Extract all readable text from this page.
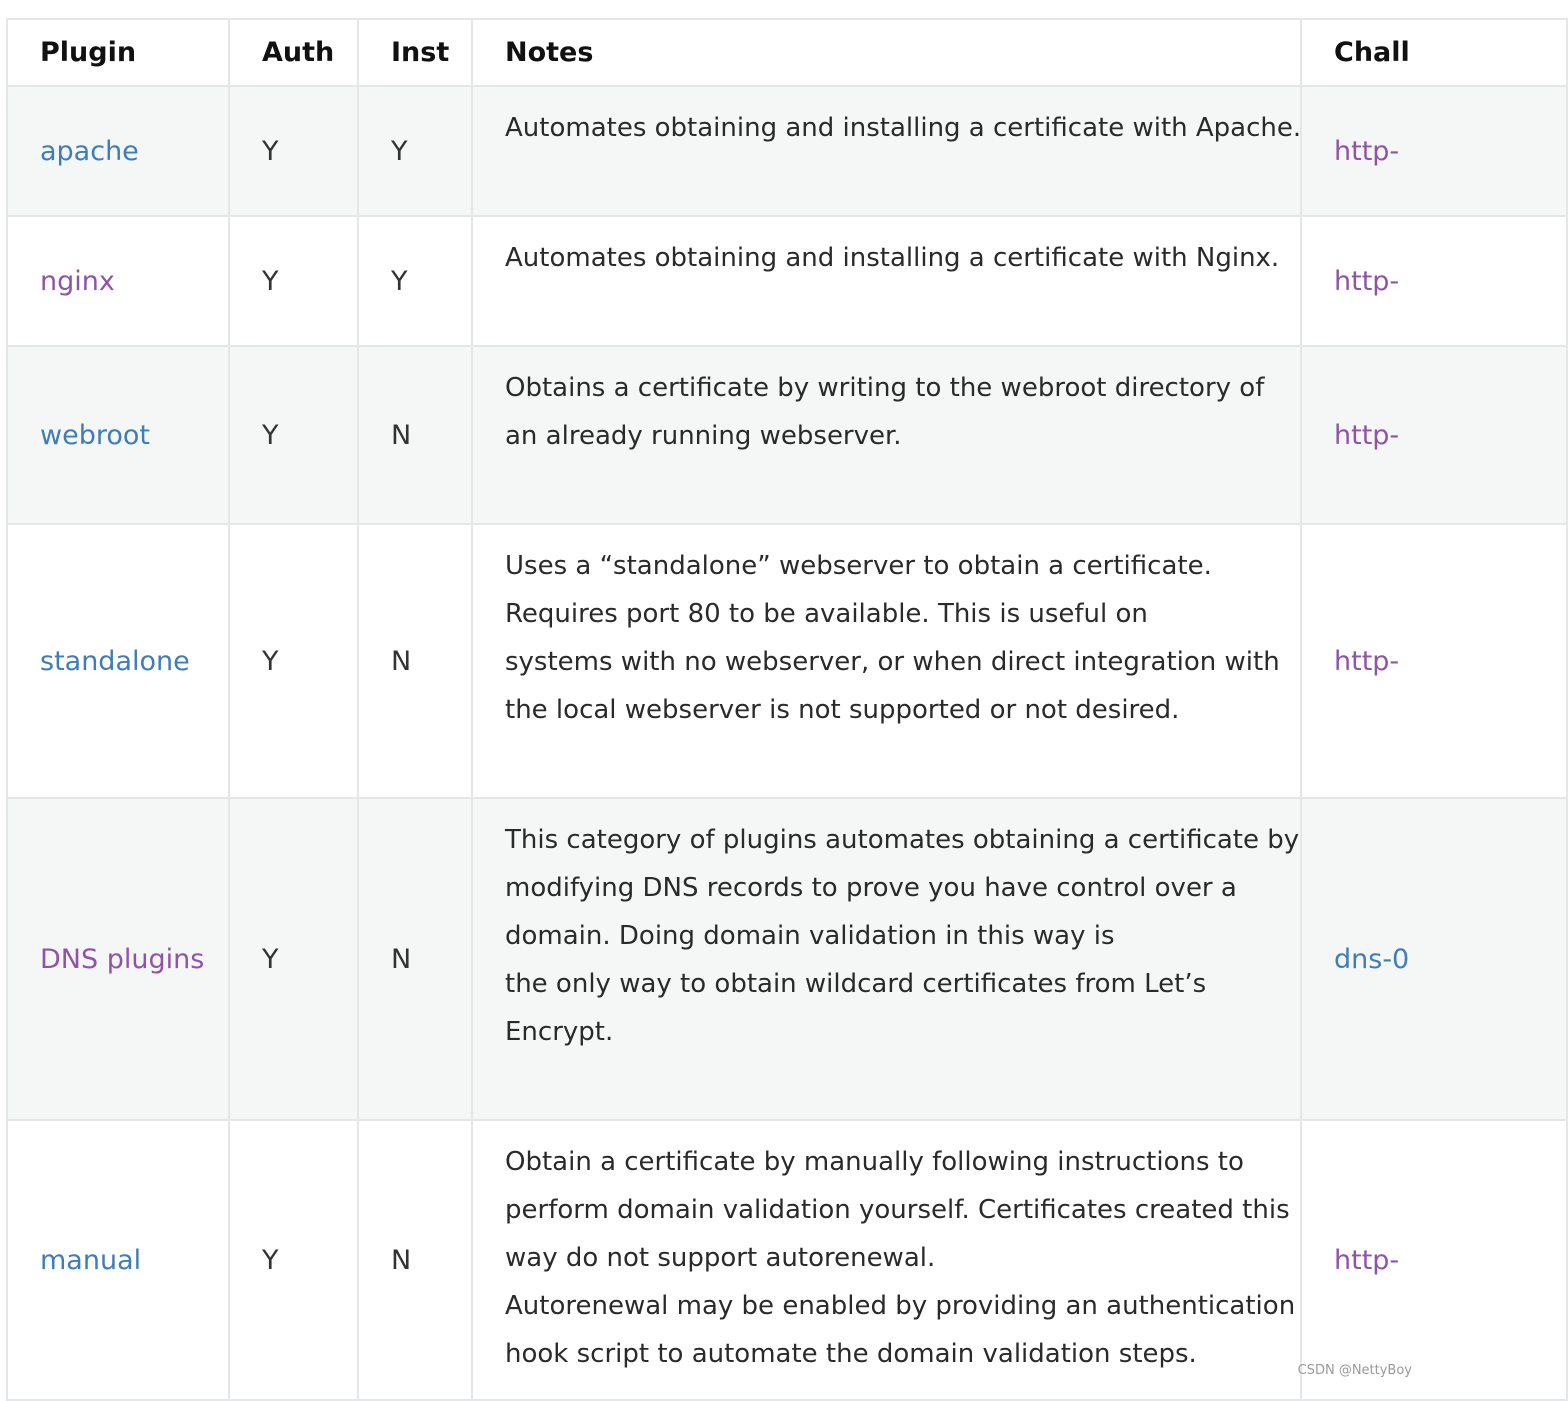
Plugin	Auth	Inst	Notes	Chall
apache	Y	Y	Automates obtaining and installing a certificate with Apache.	http-
nginx	Y	Y	Automates obtaining and installing a certificate with Nginx.	http-
webroot	Y	N	Obtains a certificate by writing to the webroot directory of
an already running webserver.	http-
standalone	Y	N	Uses a “standalone” webserver to obtain a certificate.
Requires port 80 to be available. This is useful on
systems with no webserver, or when direct integration with
the local webserver is not supported or not desired.	http-
DNS plugins	Y	N	This category of plugins automates obtaining a certificate by
modifying DNS records to prove you have control over a
domain. Doing domain validation in this way is
the only way to obtain wildcard certificates from Let’s
Encrypt.	dns-0
manual	Y	N	Obtain a certificate by manually following instructions to
perform domain validation yourself. Certificates created this
way do not support autorenewal.
Autorenewal may be enabled by providing an authentication
hook script to automate the domain validation steps.	http-
CSDN @NettyBoy
